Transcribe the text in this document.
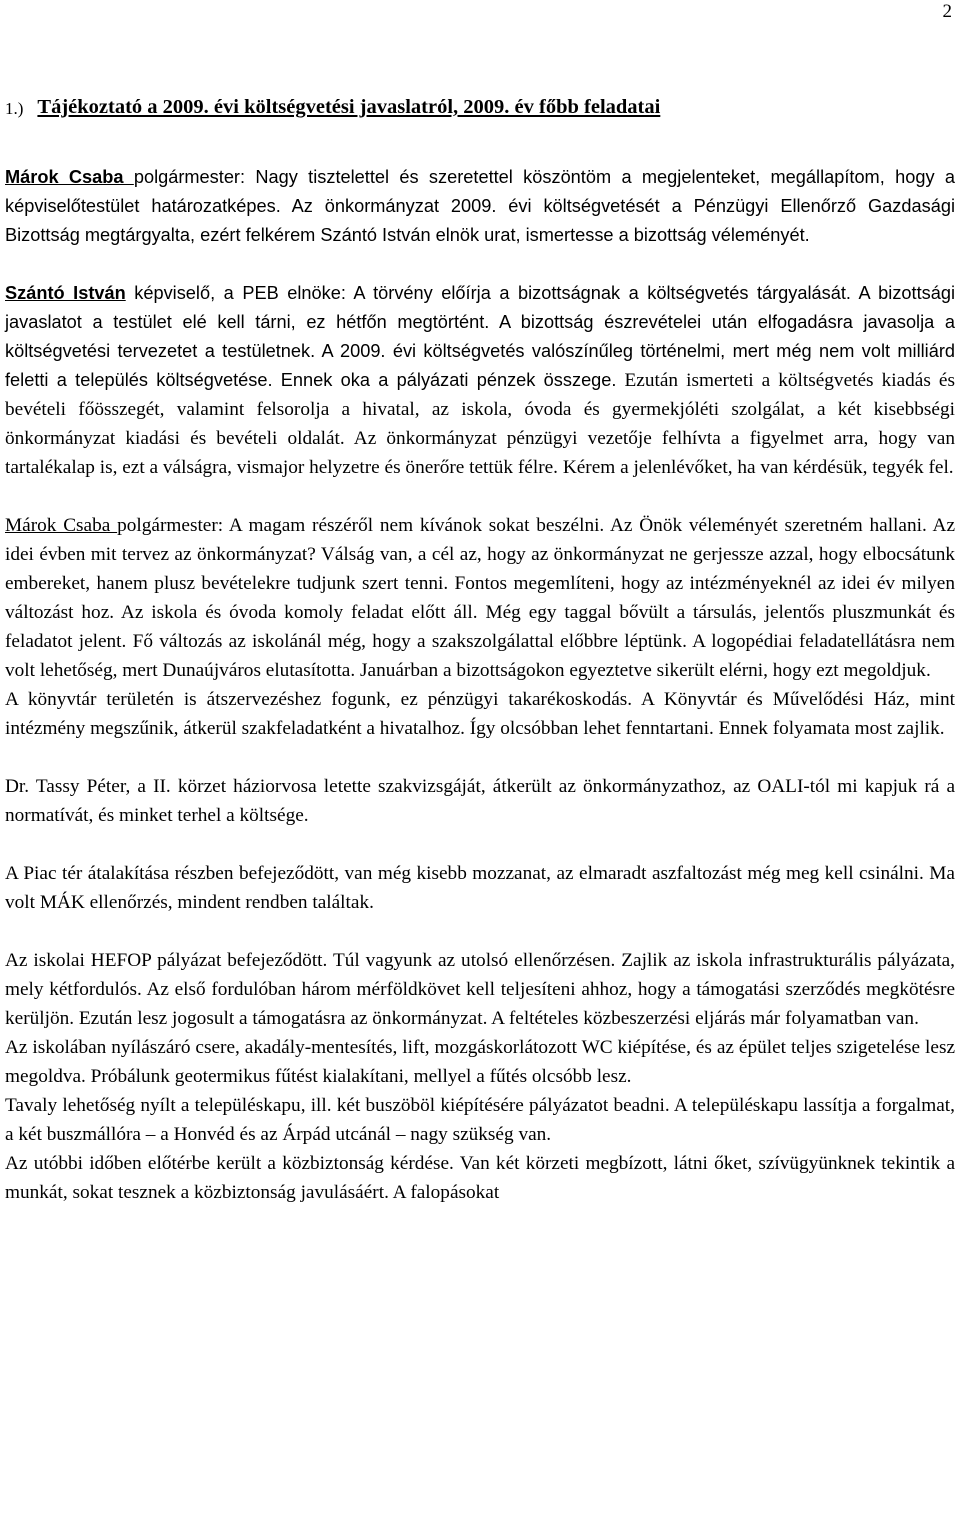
2
1.) Tájékoztató a 2009. évi költségvetési javaslatról, 2009. év főbb feladatai

Márok Csaba polgármester: Nagy tisztelettel és szeretettel köszöntöm a megjelenteket, megállapítom, hogy a képviselőtestület határozatképes. Az önkormányzat 2009. évi költségvetését a Pénzügyi Ellenőrző Gazdasági Bizottság megtárgyalta, ezért felkérem Szántó István elnök urat, ismertesse a bizottság véleményét.

Szántó István képviselő, a PEB elnöke: A törvény előírja a bizottságnak a költségvetés tárgyalását. A bizottsági javaslatot a testület elé kell tárni, ez hétfőn megtörtént. A bizottság észrevételei után elfogadásra javasolja a költségvetési tervezetet a testületnek. A 2009. évi költségvetés valószínűleg történelmi, mert még nem volt milliárd feletti a település költségvetése. Ennek oka a pályázati pénzek összege. Ezután ismerteti a költségvetés kiadás és bevételi főösszegét, valamint felsorolja a hivatal, az iskola, óvoda és gyermekjóléti szolgálat, a két kisebbségi önkormányzat kiadási és bevételi oldalát. Az önkormányzat pénzügyi vezetője felhívta a figyelmet arra, hogy van tartalékalap is, ezt a válságra, vismajor helyzetre és önerőre tettük félre. Kérem a jelenlévőket, ha van kérdésük, tegyék fel.

Márok Csaba polgármester: A magam részéről nem kívánok sokat beszélni. Az Önök véleményét szeretném hallani. Az idei évben mit tervez az önkormányzat? Válság van, a cél az, hogy az önkormányzat ne gerjessze azzal, hogy elbocsátunk embereket, hanem plusz bevételekre tudjunk szert tenni. Fontos megemlíteni, hogy az intézményeknél az idei év milyen változást hoz. Az iskola és óvoda komoly feladat előtt áll. Még egy taggal bővült a társulás, jelentős pluszmunkát és feladatot jelent. Fő változás az iskolánál még, hogy a szakszolgálattal előbbre léptünk. A logopédiai feladatellátásra nem volt lehetőség, mert Dunaújváros elutasította. Januárban a bizottságokon egyeztetve sikerült elérni, hogy ezt megoldjuk.

A könyvtár területén is átszervezéshez fogunk, ez pénzügyi takarékoskodás. A Könyvtár és Művelődési Ház, mint intézmény megszűnik, átkerül szakfeladatként a hivatalhoz. Így olcsóbban lehet fenntartani. Ennek folyamata most zajlik.

Dr. Tassy Péter, a II. körzet háziorvosa letette szakvizsgáját, átkerült az önkormányzathoz, az OALI-tól mi kapjuk rá a normatívát, és minket terhel a költsége.

A Piac tér átalakítása részben befejeződött, van még kisebb mozzanat, az elmaradt aszfaltozást még meg kell csinálni. Ma volt MÁK ellenőrzés, mindent rendben találtak.

Az iskolai HEFOP pályázat befejeződött. Túl vagyunk az utolsó ellenőrzésen. Zajlik az iskola infrastrukturális pályázata, mely kétfordulós. Az első fordulóban három mérföldkövet kell teljesíteni ahhoz, hogy a támogatási szerződés megkötésre kerüljön. Ezután lesz jogosult a támogatásra az önkormányzat. A feltételes közbeszerzési eljárás már folyamatban van.

Az iskolában nyílászáró csere, akadály-mentesítés, lift, mozgáskorlátozott WC kiépítése, és az épület teljes szigetelése lesz megoldva. Próbálunk geotermikus fűtést kialakítani, mellyel a fűtés olcsóbb lesz.

Tavaly lehetőség nyílt a településkapu, ill. két buszöböl kiépítésére pályázatot beadni. A településkapu lassítja a forgalmat, a két buszmállóra – a Honvéd és az Árpád utcánál – nagy szükség van.

Az utóbbi időben előtérbe került a közbiztonság kérdése. Van két körzeti megbízott, látni őket, szívügyünknek tekintik a munkát, sokat tesznek a közbiztonság javulásáért. A falopásokat
